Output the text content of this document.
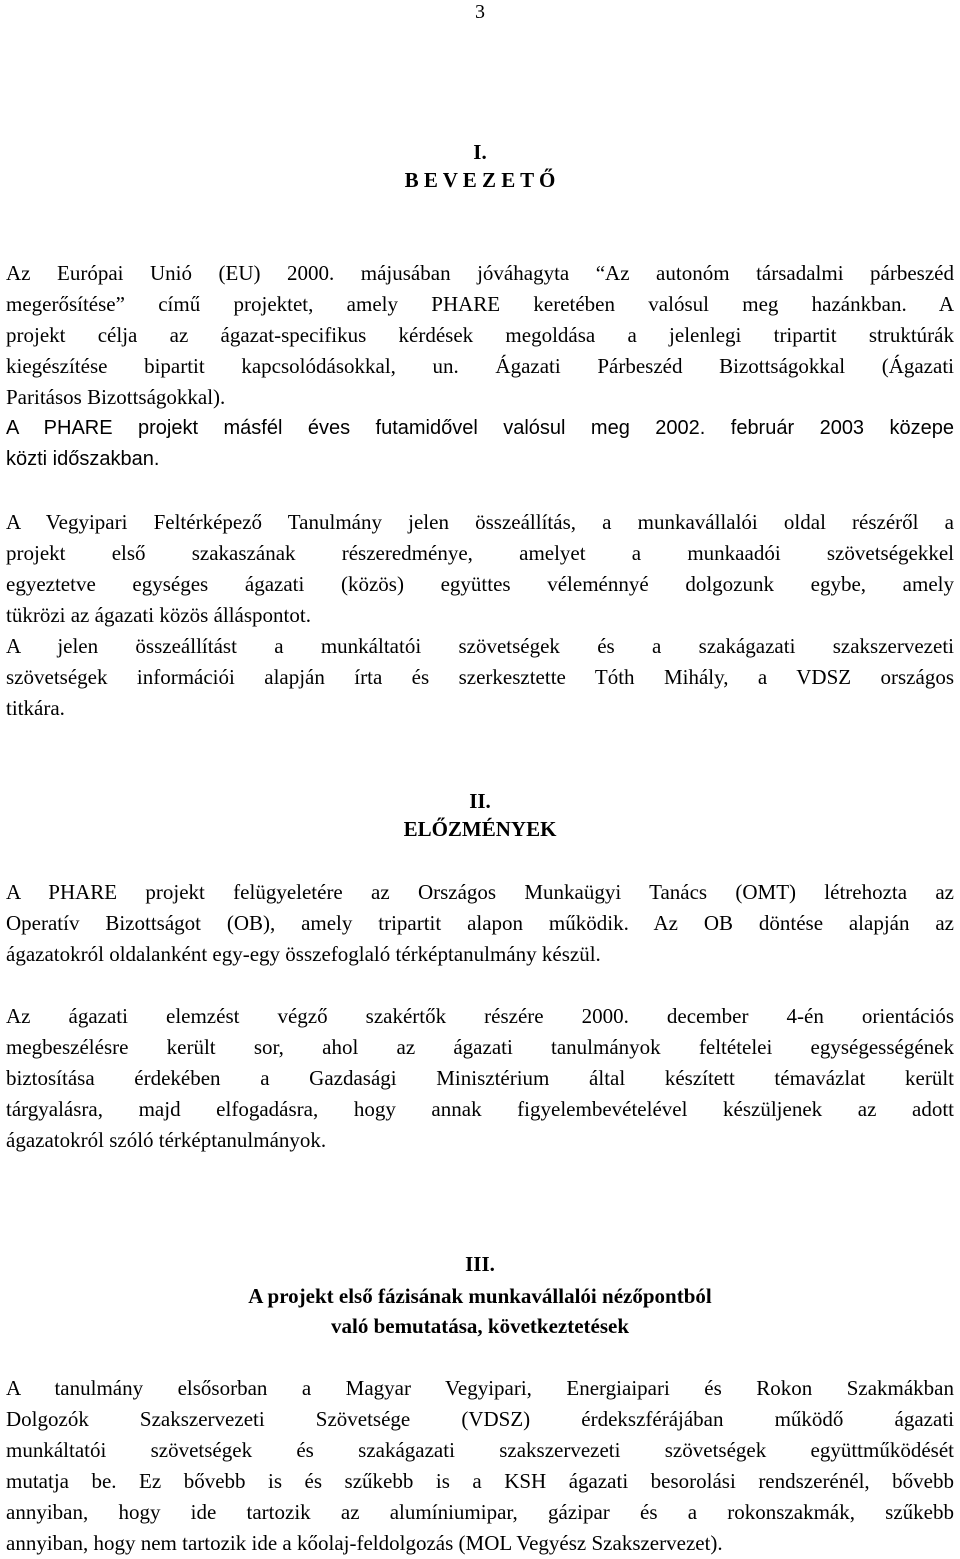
3
I.
B E V E Z E T Ő
Az Európai Unió (EU) 2000. májusában jóváhagyta “Az autonóm társadalmi párbeszéd
megerősítése” című projektet, amely PHARE keretében valósul meg hazánkban. A
projekt célja az ágazat-specifikus kérdések megoldása a jelenlegi tripartit struktúrák
kiegészítése bipartit kapcsolódásokkal, un. Ágazati Párbeszéd Bizottságokkal (Ágazati
Paritásos Bizottságokkal).
A PHARE projekt másfél éves futamidővel valósul meg 2002. február 2003 közepe
közti időszakban.
A Vegyipari Feltérképező Tanulmány jelen összeállítás, a munkavállalói oldal részéről a
projekt első szakaszának részeredménye, amelyet a munkaadói szövetségekkel
egyeztetve egységes ágazati (közös) együttes véleménnyé dolgozunk egybe, amely
tükrözi az ágazati közös álláspontot.
A jelen összeállítást a munkáltatói szövetségek és a szakágazati szakszervezeti
szövetségek információi alapján írta és szerkesztette Tóth Mihály, a VDSZ országos
titkára.
II.
ELŐZMÉNYEK
A PHARE projekt felügyeletére az Országos Munkaügyi Tanács (OMT) létrehozta az
Operatív Bizottságot (OB), amely tripartit alapon működik. Az OB döntése alapján az
ágazatokról oldalanként egy-egy összefoglaló térképtanulmány készül.
Az ágazati elemzést végző szakértők részére 2000. december 4-én orientációs
megbeszélésre került sor, ahol az ágazati tanulmányok feltételei egységességének
biztosítása érdekében a Gazdasági Minisztérium által készített témavázlat került
tárgyalásra, majd elfogadásra, hogy annak figyelembevételével készüljenek az adott
ágazatokról szóló térképtanulmányok.
III.
A projekt első fázisának munkavállalói nézőpontból
való bemutatása, következtetések
A tanulmány elsősorban a Magyar Vegyipari, Energiaipari és Rokon Szakmákban
Dolgozók Szakszervezeti Szövetsége (VDSZ) érdekszférájában működő ágazati
munkáltatói szövetségek és szakágazati szakszervezeti szövetségek együttműködését
mutatja be. Ez bővebb is és szűkebb is a KSH ágazati besorolási rendszerénél, bővebb
annyiban, hogy ide tartozik az alumíniumipar, gázipar és a rokonszakmák, szűkebb
annyiban, hogy nem tartozik ide a kőolaj-feldolgozás (MOL Vegyész Szakszervezet).
